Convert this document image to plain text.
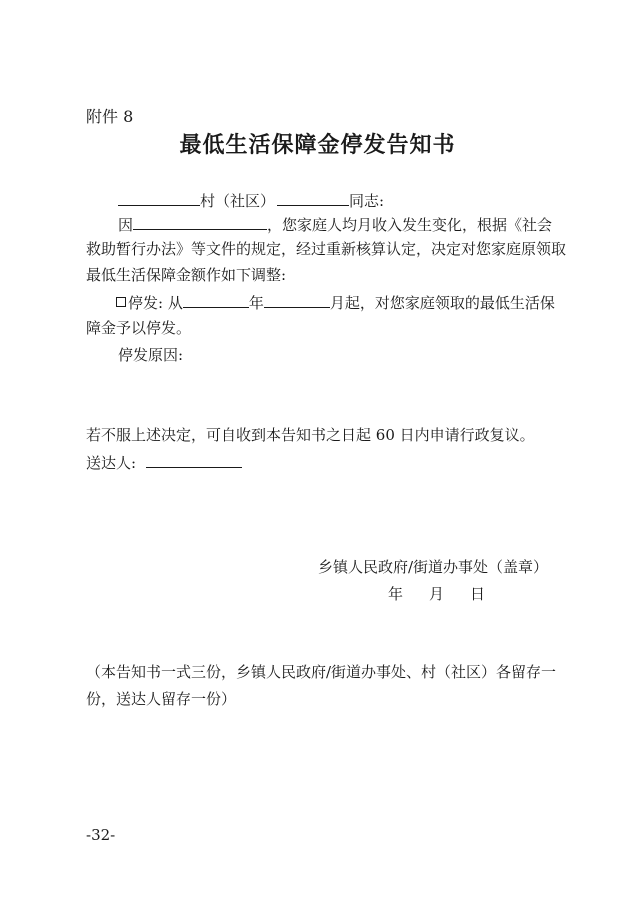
附件 8
最低生活保障金停发告知书
村（社区）	同志:
因	，您家庭人均月收入发生变化，根据《社会
救助暂行办法》等文件的规定，经过重新核算认定，决定对您家庭原领取
最低生活保障金额作如下调整:
停发: 从	年	月起，对您家庭领取的最低生活保
障金予以停发。
停发原因:
若不服上述决定，可自收到本告知书之日起 60 日内申请行政复议。
送达人:
乡镇人民政府/街道办事处（盖章）
年 月 日
（本告知书一式三份，乡镇人民政府/街道办事处、村（社区）各留存一
份，送达人留存一份）
-32-
